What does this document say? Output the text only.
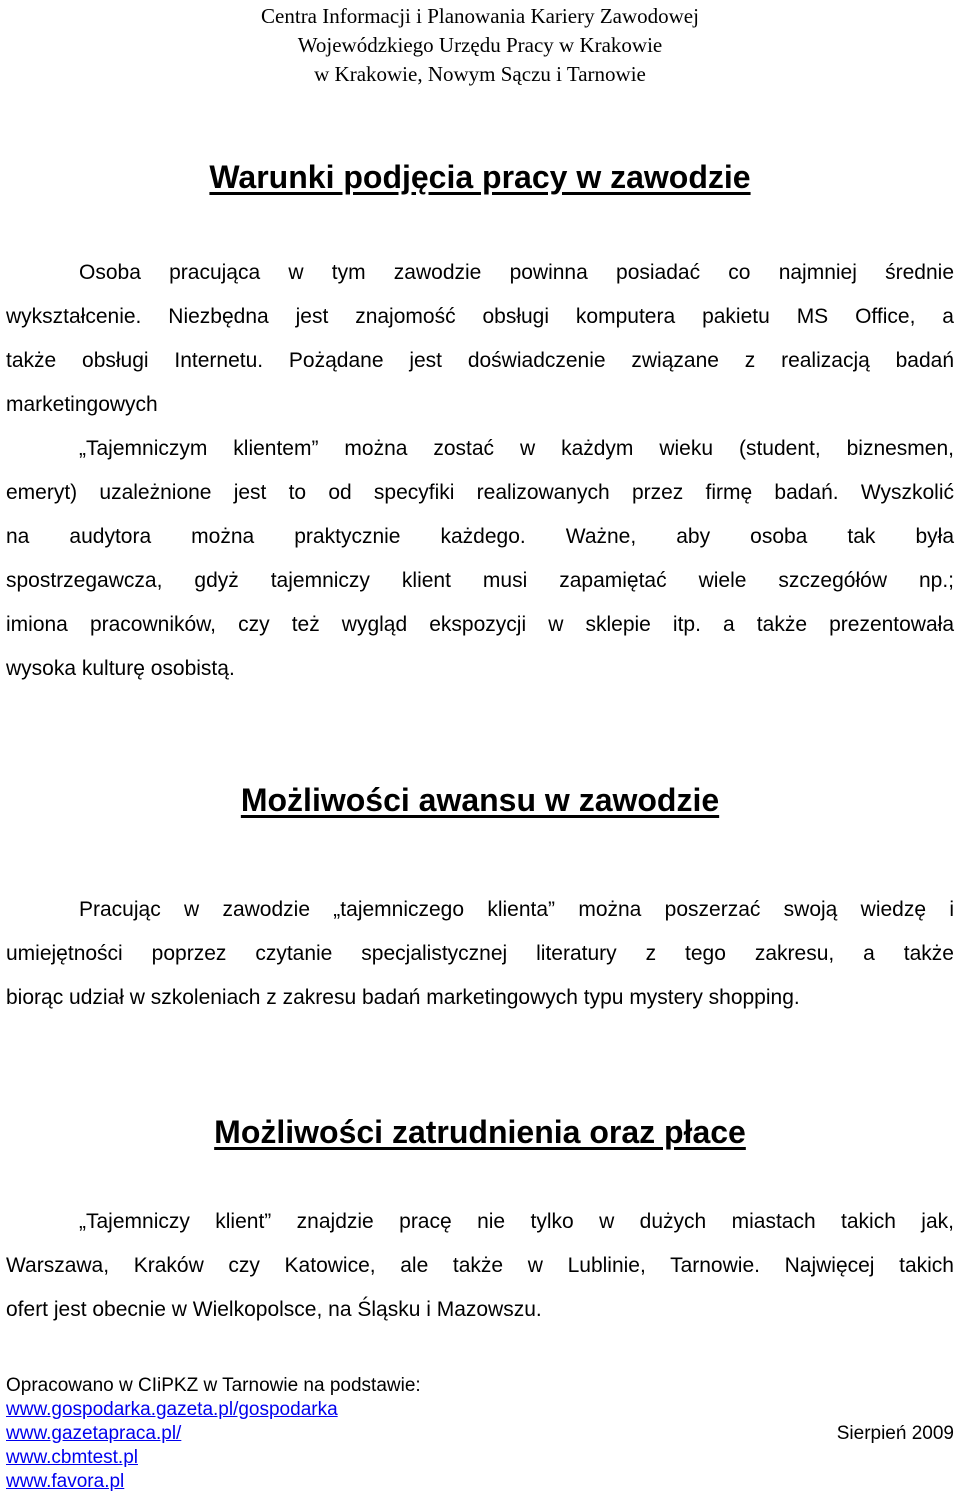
Centra Informacji i Planowania Kariery Zawodowej
Wojewódzkiego Urzędu Pracy w Krakowie
w Krakowie, Nowym Sączu i Tarnowie
Warunki podjęcia pracy w zawodzie
Osoba pracująca w tym zawodzie powinna posiadać co najmniej średnie
wykształcenie. Niezbędna jest znajomość obsługi komputera pakietu MS Office, a
także obsługi Internetu. Pożądane jest doświadczenie związane z realizacją badań
marketingowych
„Tajemniczym klientem” można zostać w każdym wieku (student, biznesmen,
emeryt) uzależnione jest to od specyfiki realizowanych przez firmę badań. Wyszkolić
na audytora można praktycznie każdego. Ważne, aby osoba tak była
spostrzegawcza, gdyż tajemniczy klient musi zapamiętać wiele szczegółów np.;
imiona pracowników, czy też wygląd ekspozycji w sklepie itp. a także prezentowała
wysoka kulturę osobistą.
Możliwości awansu w zawodzie
Pracując w zawodzie „tajemniczego klienta” można poszerzać swoją wiedzę i
umiejętności poprzez czytanie specjalistycznej literatury z tego zakresu, a także
biorąc udział w szkoleniach z zakresu badań marketingowych typu mystery shopping.
Możliwości zatrudnienia oraz płace
„Tajemniczy klient” znajdzie pracę nie tylko w dużych miastach takich jak,
Warszawa, Kraków czy Katowice, ale także w Lublinie, Tarnowie. Najwięcej takich
ofert jest obecnie w Wielkopolsce, na Śląsku i Mazowszu.
Opracowano w CIiPKZ w Tarnowie na podstawie:
www.gospodarka.gazeta.pl/gospodarka
www.gazetapraca.pl/	Sierpień 2009
www.cbmtest.pl
www.favora.pl
